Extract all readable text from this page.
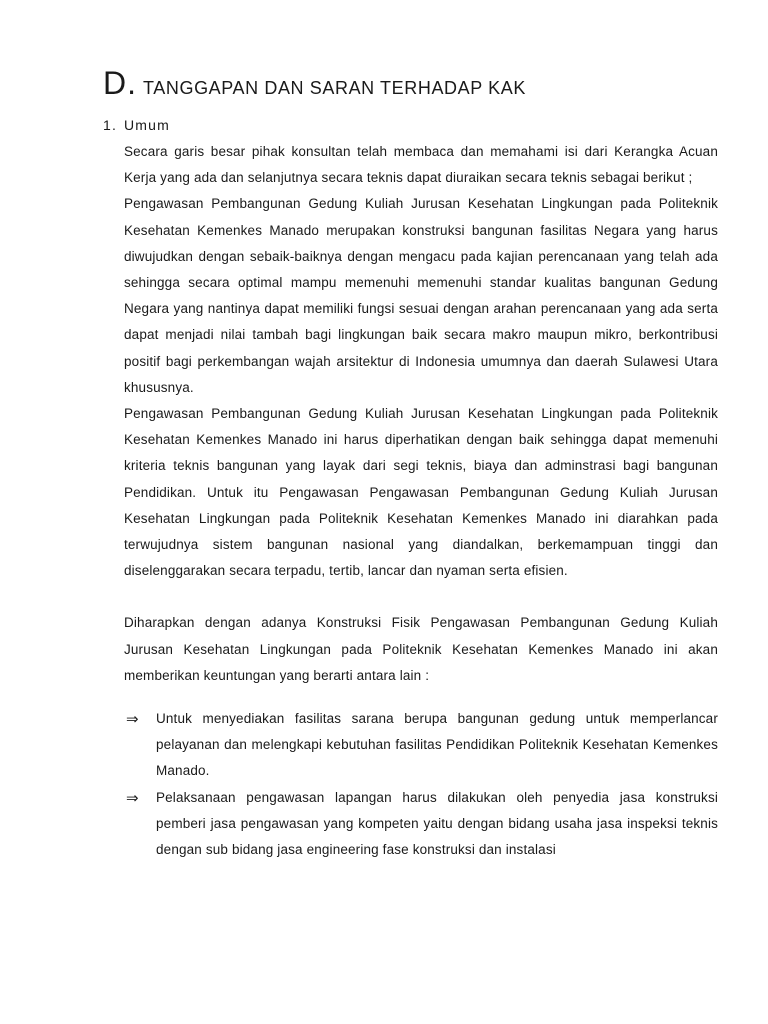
D. TANGGAPAN DAN SARAN TERHADAP KAK
1. Umum

Secara garis besar pihak konsultan telah membaca dan memahami isi dari Kerangka Acuan Kerja yang ada dan selanjutnya secara teknis dapat diuraikan secara teknis sebagai berikut ;

Pengawasan Pembangunan Gedung Kuliah Jurusan Kesehatan Lingkungan pada Politeknik Kesehatan Kemenkes Manado merupakan konstruksi bangunan fasilitas Negara yang harus diwujudkan dengan sebaik-baiknya dengan mengacu pada kajian perencanaan yang telah ada sehingga secara optimal mampu memenuhi memenuhi standar kualitas bangunan Gedung Negara yang nantinya dapat memiliki fungsi sesuai dengan arahan perencanaan yang ada serta dapat menjadi nilai tambah bagi lingkungan baik secara makro maupun mikro, berkontribusi positif bagi perkembangan wajah arsitektur di Indonesia umumnya dan daerah Sulawesi Utara khususnya.

Pengawasan Pembangunan Gedung Kuliah Jurusan Kesehatan Lingkungan pada Politeknik Kesehatan Kemenkes Manado ini harus diperhatikan dengan baik sehingga dapat memenuhi kriteria teknis bangunan yang layak dari segi teknis, biaya dan adminstrasi bagi bangunan Pendidikan. Untuk itu Pengawasan Pengawasan Pembangunan Gedung Kuliah Jurusan Kesehatan Lingkungan pada Politeknik Kesehatan Kemenkes Manado ini diarahkan pada terwujudnya sistem bangunan nasional yang diandalkan, berkemampuan tinggi dan diselenggarakan secara terpadu, tertib, lancar dan nyaman serta efisien.

Diharapkan dengan adanya Konstruksi Fisik Pengawasan Pembangunan Gedung Kuliah Jurusan Kesehatan Lingkungan pada Politeknik Kesehatan Kemenkes Manado ini akan memberikan keuntungan yang berarti antara lain :

⇒ Untuk menyediakan fasilitas sarana berupa bangunan gedung untuk memperlancar pelayanan dan melengkapi kebutuhan fasilitas Pendidikan Politeknik Kesehatan Kemenkes Manado.

⇒ Pelaksanaan pengawasan lapangan harus dilakukan oleh penyedia jasa konstruksi pemberi jasa pengawasan yang kompeten yaitu dengan bidang usaha jasa inspeksi teknis dengan sub bidang jasa engineering fase konstruksi dan instalasi
